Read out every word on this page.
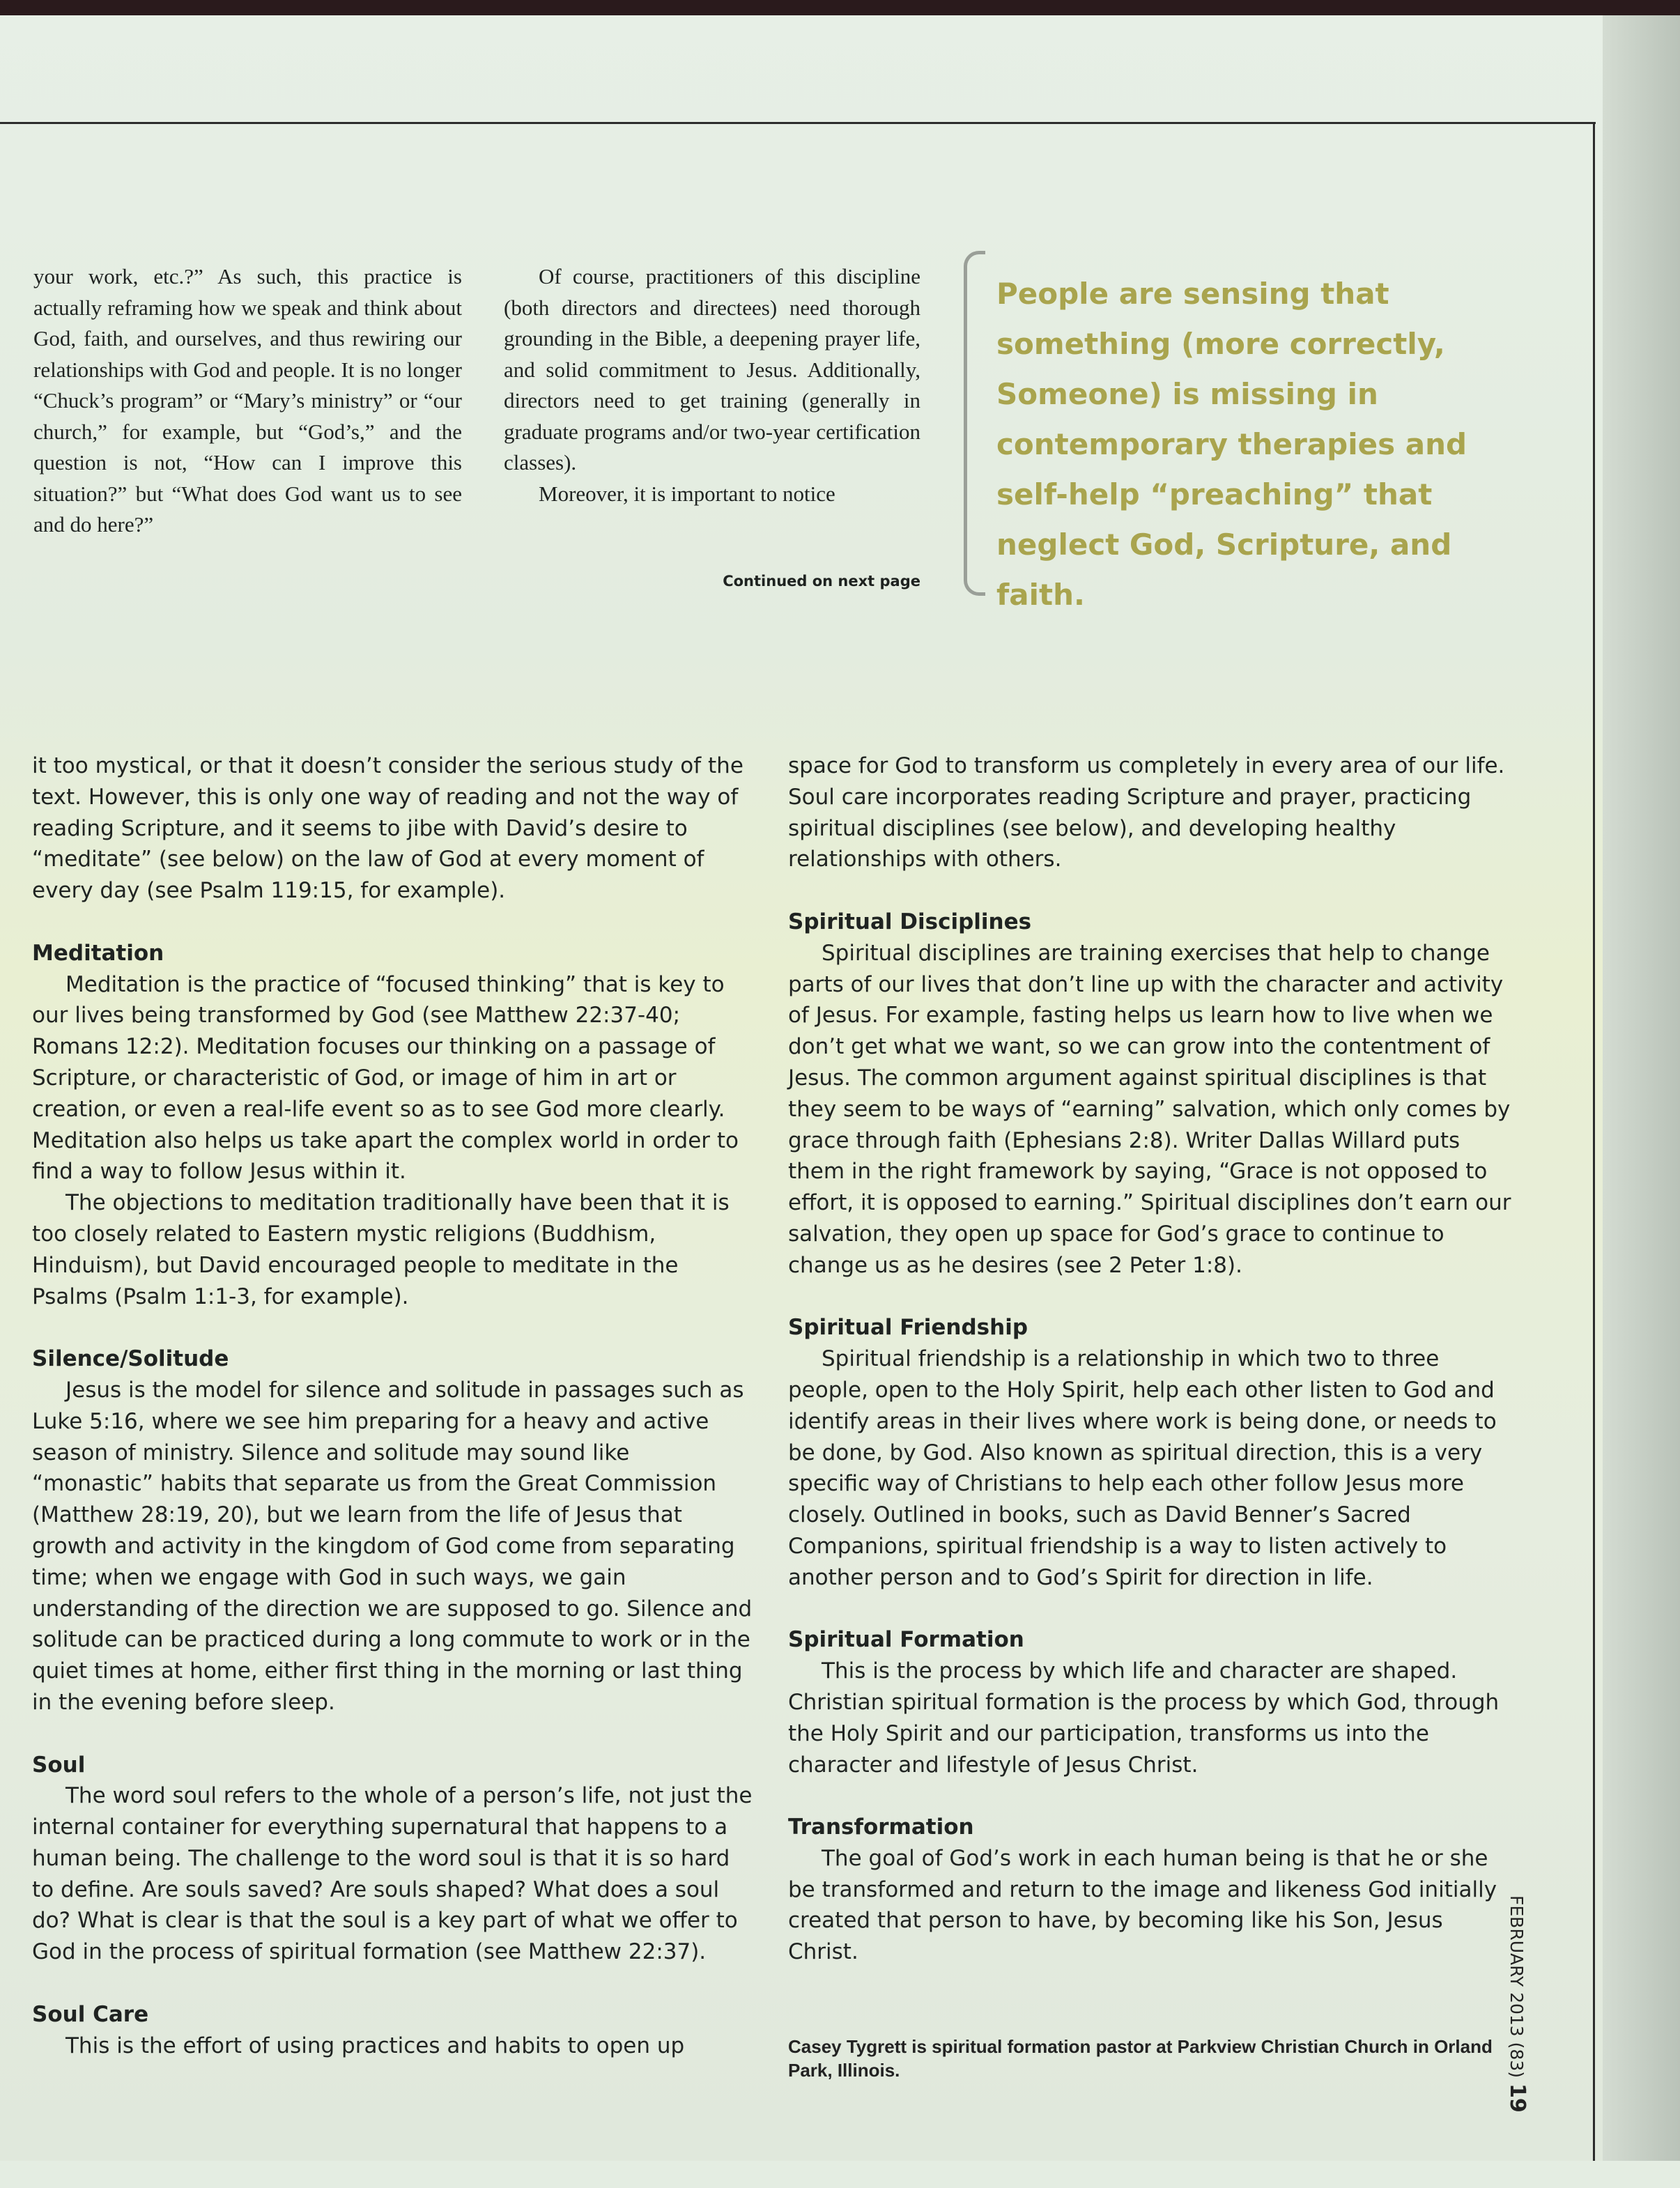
your work, etc.?” As such, this practice is actually reframing how we speak and think about God, faith, and ourselves, and thus rewiring our relationships with God and people. It is no longer “Chuck’s program” or “Mary’s ministry” or “our church,” for example, but “God’s,” and the question is not, “How can I improve this situation?” but “What does God want us to see and do here?”

Of course, practitioners of this discipline (both directors and directees) need thorough grounding in the Bible, a deepening prayer life, and solid commitment to Jesus. Additionally, directors need to get training (generally in graduate programs and/or two-year certification classes).

Moreover, it is important to notice

Continued on next page
People are sensing that something (more correctly, Someone) is missing in contemporary therapies and self-help “preaching” that neglect God, Scripture, and faith.

it too mystical, or that it doesn’t consider the serious study of the text. However, this is only one way of reading and not the way of reading Scripture, and it seems to jibe with David’s desire to “meditate” (see below) on the law of God at every moment of every day (see Psalm 119:15, for example).

Meditation

Meditation is the practice of “focused thinking” that is key to our lives being transformed by God (see Matthew 22:37-40; Romans 12:2). Meditation focuses our thinking on a passage of Scripture, or characteristic of God, or image of him in art or creation, or even a real-life event so as to see God more clearly. Meditation also helps us take apart the complex world in order to find a way to follow Jesus within it.

The objections to meditation traditionally have been that it is too closely related to Eastern mystic religions (Buddhism, Hinduism), but David encouraged people to meditate in the Psalms (Psalm 1:1-3, for example).

Silence/Solitude

Jesus is the model for silence and solitude in passages such as Luke 5:16, where we see him preparing for a heavy and active season of ministry. Silence and solitude may sound like “monastic” habits that separate us from the Great Commission (Matthew 28:19, 20), but we learn from the life of Jesus that growth and activity in the kingdom of God come from separating time; when we engage with God in such ways, we gain understanding of the direction we are supposed to go. Silence and solitude can be practiced during a long commute to work or in the quiet times at home, either first thing in the morning or last thing in the evening before sleep.

Soul

The word soul refers to the whole of a person’s life, not just the internal container for everything supernatural that happens to a human being. The challenge to the word soul is that it is so hard to define. Are souls saved? Are souls shaped? What does a soul do? What is clear is that the soul is a key part of what we offer to God in the process of spiritual formation (see Matthew 22:37).

Soul Care

This is the effort of using practices and habits to open up

space for God to transform us completely in every area of our life. Soul care incorporates reading Scripture and prayer, practicing spiritual disciplines (see below), and developing healthy relationships with others.

Spiritual Disciplines

Spiritual disciplines are training exercises that help to change parts of our lives that don’t line up with the character and activity of Jesus. For example, fasting helps us learn how to live when we don’t get what we want, so we can grow into the contentment of Jesus. The common argument against spiritual disciplines is that they seem to be ways of “earning” salvation, which only comes by grace through faith (Ephesians 2:8). Writer Dallas Willard puts them in the right framework by saying, “Grace is not opposed to effort, it is opposed to earning.” Spiritual disciplines don’t earn our salvation, they open up space for God’s grace to continue to change us as he desires (see 2 Peter 1:8).

Spiritual Friendship

Spiritual friendship is a relationship in which two to three people, open to the Holy Spirit, help each other listen to God and identify areas in their lives where work is being done, or needs to be done, by God. Also known as spiritual direction, this is a very specific way of Christians to help each other follow Jesus more closely. Outlined in books, such as David Benner’s Sacred Companions, spiritual friendship is a way to listen actively to another person and to God’s Spirit for direction in life.

Spiritual Formation

This is the process by which life and character are shaped. Christian spiritual formation is the process by which God, through the Holy Spirit and our participation, transforms us into the character and lifestyle of Jesus Christ.

Transformation

The goal of God’s work in each human being is that he or she be transformed and return to the image and likeness God initially created that person to have, by becoming like his Son, Jesus Christ.

Casey Tygrett is spiritual formation pastor at Parkview Christian Church in Orland Park, Illinois.
FEBRUARY 2013 (83) 19
